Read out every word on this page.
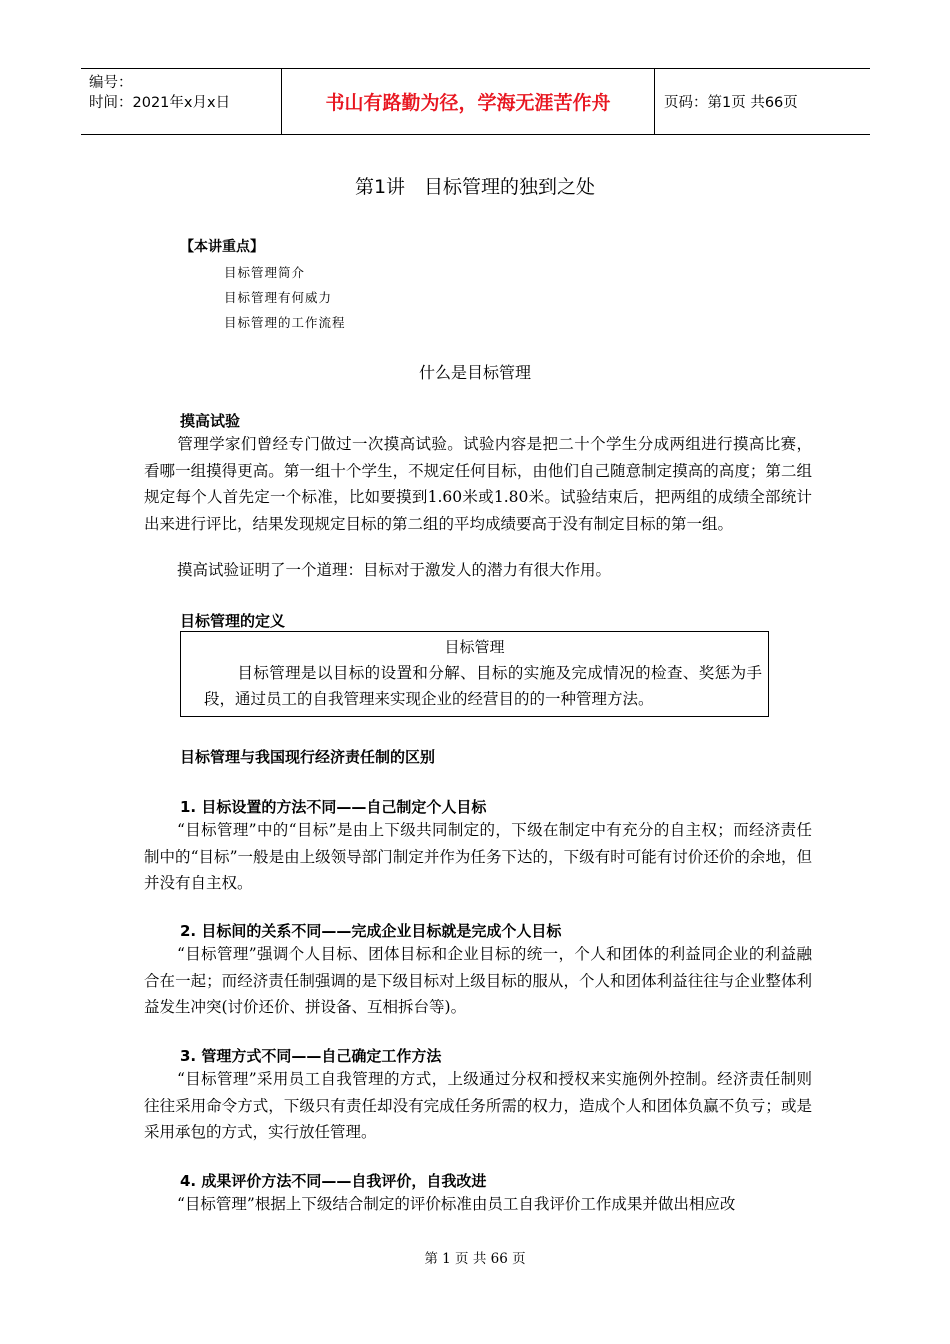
编号：
时间：2021年x月x日	书山有路勤为径，学海无涯苦作舟	页码：第1页 共66页
第1讲　目标管理的独到之处
【本讲重点】
目标管理简介
目标管理有何威力
目标管理的工作流程
什么是目标管理
摸高试验
管理学家们曾经专门做过一次摸高试验。试验内容是把二十个学生分成两组进行摸高比赛，看哪一组摸得更高。第一组十个学生，不规定任何目标，由他们自己随意制定摸高的高度；第二组规定每个人首先定一个标准，比如要摸到1.60米或1.80米。试验结束后，把两组的成绩全部统计出来进行评比，结果发现规定目标的第二组的平均成绩要高于没有制定目标的第一组。
摸高试验证明了一个道理：目标对于激发人的潜力有很大作用。
目标管理的定义
目标管理
目标管理是以目标的设置和分解、目标的实施及完成情况的检查、奖惩为手段，通过员工的自我管理来实现企业的经营目的的一种管理方法。
目标管理与我国现行经济责任制的区别
1. 目标设置的方法不同——自己制定个人目标
“目标管理”中的“目标”是由上下级共同制定的，下级在制定中有充分的自主权；而经济责任制中的“目标”一般是由上级领导部门制定并作为任务下达的，下级有时可能有讨价还价的余地，但并没有自主权。
2. 目标间的关系不同——完成企业目标就是完成个人目标
“目标管理”强调个人目标、团体目标和企业目标的统一，个人和团体的利益同企业的利益融合在一起；而经济责任制强调的是下级目标对上级目标的服从，个人和团体利益往往与企业整体利益发生冲突(讨价还价、拼设备、互相拆台等)。
3. 管理方式不同——自己确定工作方法
“目标管理”采用员工自我管理的方式，上级通过分权和授权来实施例外控制。经济责任制则往往采用命令方式，下级只有责任却没有完成任务所需的权力，造成个人和团体负赢不负亏；或是采用承包的方式，实行放任管理。
4. 成果评价方法不同——自我评价，自我改进
“目标管理”根据上下级结合制定的评价标准由员工自我评价工作成果并做出相应改
第 1 页 共 66 页
